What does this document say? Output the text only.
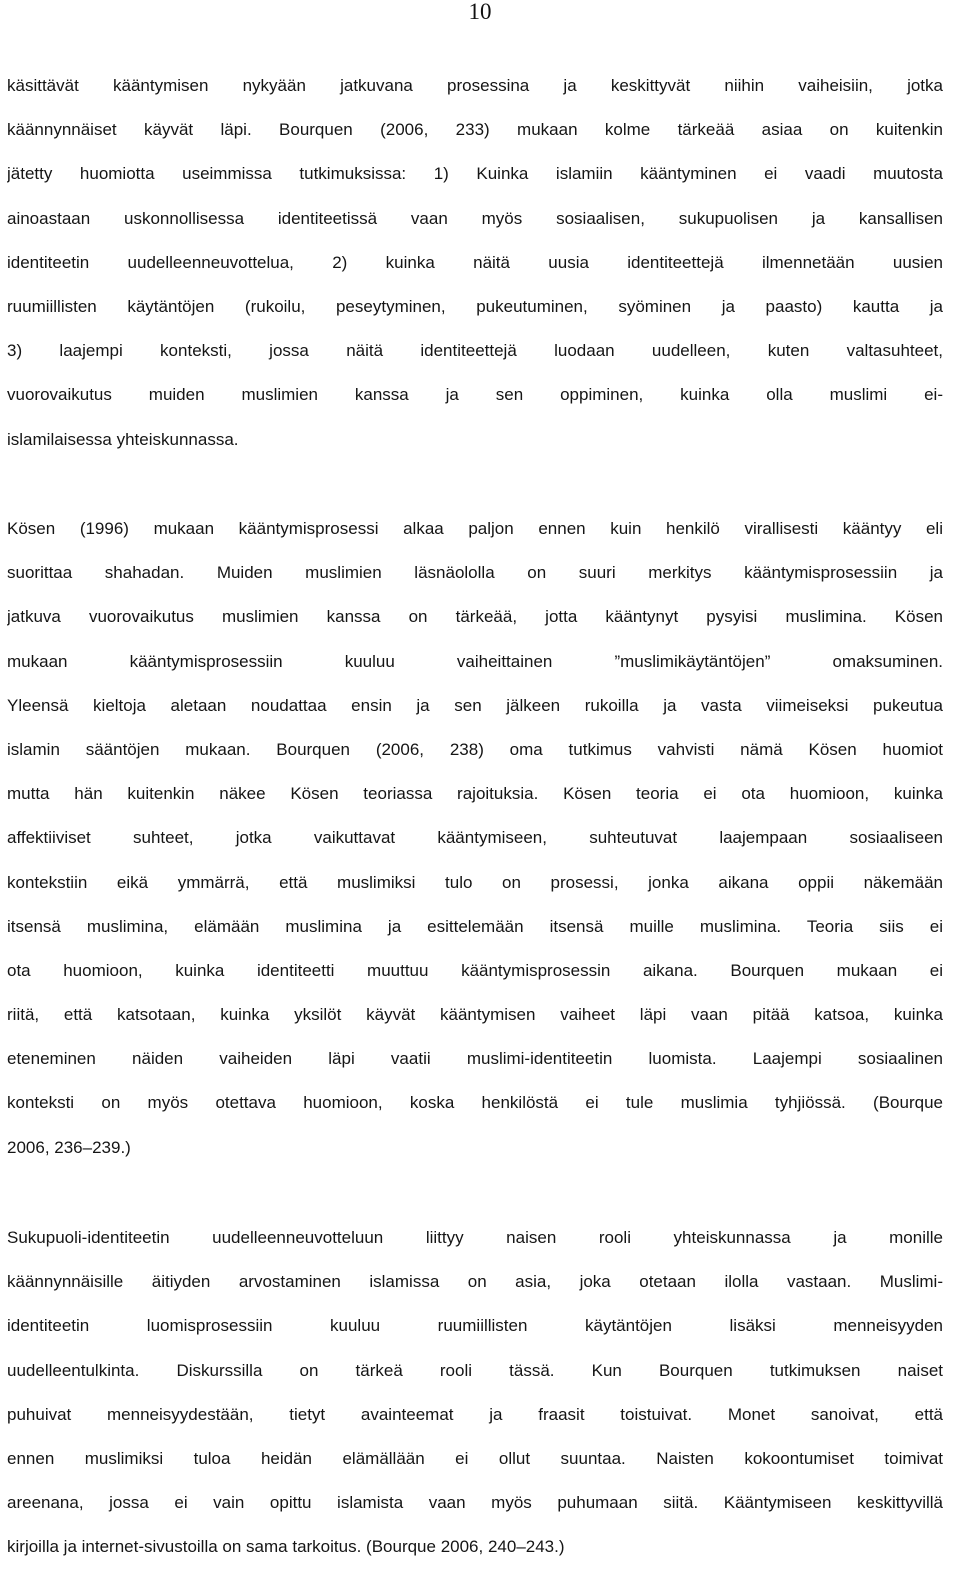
10
käsittävät kääntymisen nykyään jatkuvana prosessina ja keskittyvät niihin vaiheisiin, jotka
käännynnäiset käyvät läpi. Bourquen (2006, 233) mukaan kolme tärkeää asiaa on kuitenkin
jätetty huomiotta useimmissa tutkimuksissa: 1) Kuinka islamiin kääntyminen ei vaadi muutosta
ainoastaan uskonnollisessa identiteetissä vaan myös sosiaalisen, sukupuolisen ja kansallisen
identiteetin uudelleenneuvottelua, 2) kuinka näitä uusia identiteettejä ilmennetään uusien
ruumiillisten käytäntöjen (rukoilu, peseytyminen, pukeutuminen, syöminen ja paasto) kautta ja
3) laajempi konteksti, jossa näitä identiteettejä luodaan uudelleen, kuten valtasuhteet,
vuorovaikutus muiden muslimien kanssa ja sen oppiminen, kuinka olla muslimi ei-
islamilaisessa yhteiskunnassa.
Kösen (1996) mukaan kääntymisprosessi alkaa paljon ennen kuin henkilö virallisesti kääntyy eli
suorittaa shahadan. Muiden muslimien läsnäololla on suuri merkitys kääntymisprosessiin ja
jatkuva vuorovaikutus muslimien kanssa on tärkeää, jotta kääntynyt pysyisi muslimina. Kösen
mukaan kääntymisprosessiin kuuluu vaiheittainen ”muslimikäytäntöjen” omaksuminen.
Yleensä kieltoja aletaan noudattaa ensin ja sen jälkeen rukoilla ja vasta viimeiseksi pukeutua
islamin sääntöjen mukaan. Bourquen (2006, 238) oma tutkimus vahvisti nämä Kösen huomiot
mutta hän kuitenkin näkee Kösen teoriassa rajoituksia. Kösen teoria ei ota huomioon, kuinka
affektiiviset suhteet, jotka vaikuttavat kääntymiseen, suhteutuvat laajempaan sosiaaliseen
kontekstiin eikä ymmärrä, että muslimiksi tulo on prosessi, jonka aikana oppii näkemään
itsensä muslimina, elämään muslimina ja esittelemään itsensä muille muslimina. Teoria siis ei
ota huomioon, kuinka identiteetti muuttuu kääntymisprosessin aikana. Bourquen mukaan ei
riitä, että katsotaan, kuinka yksilöt käyvät kääntymisen vaiheet läpi vaan pitää katsoa, kuinka
eteneminen näiden vaiheiden läpi vaatii muslimi-identiteetin luomista. Laajempi sosiaalinen
konteksti on myös otettava huomioon, koska henkilöstä ei tule muslimia tyhjiössä. (Bourque
2006, 236–239.)
Sukupuoli-identiteetin uudelleenneuvotteluun liittyy naisen rooli yhteiskunnassa ja monille
käännynnäisille äitiyden arvostaminen islamissa on asia, joka otetaan ilolla vastaan. Muslimi-
identiteetin luomisprosessiin kuuluu ruumiillisten käytäntöjen lisäksi menneisyyden
uudelleentulkinta. Diskurssilla on tärkeä rooli tässä. Kun Bourquen tutkimuksen naiset
puhuivat menneisyydestään, tietyt avainteemat ja fraasit toistuivat. Monet sanoivat, että
ennen muslimiksi tuloa heidän elämällään ei ollut suuntaa. Naisten kokoontumiset toimivat
areenana, jossa ei vain opittu islamista vaan myös puhumaan siitä. Kääntymiseen keskittyvillä
kirjoilla ja internet-sivustoilla on sama tarkoitus. (Bourque 2006, 240–243.)
